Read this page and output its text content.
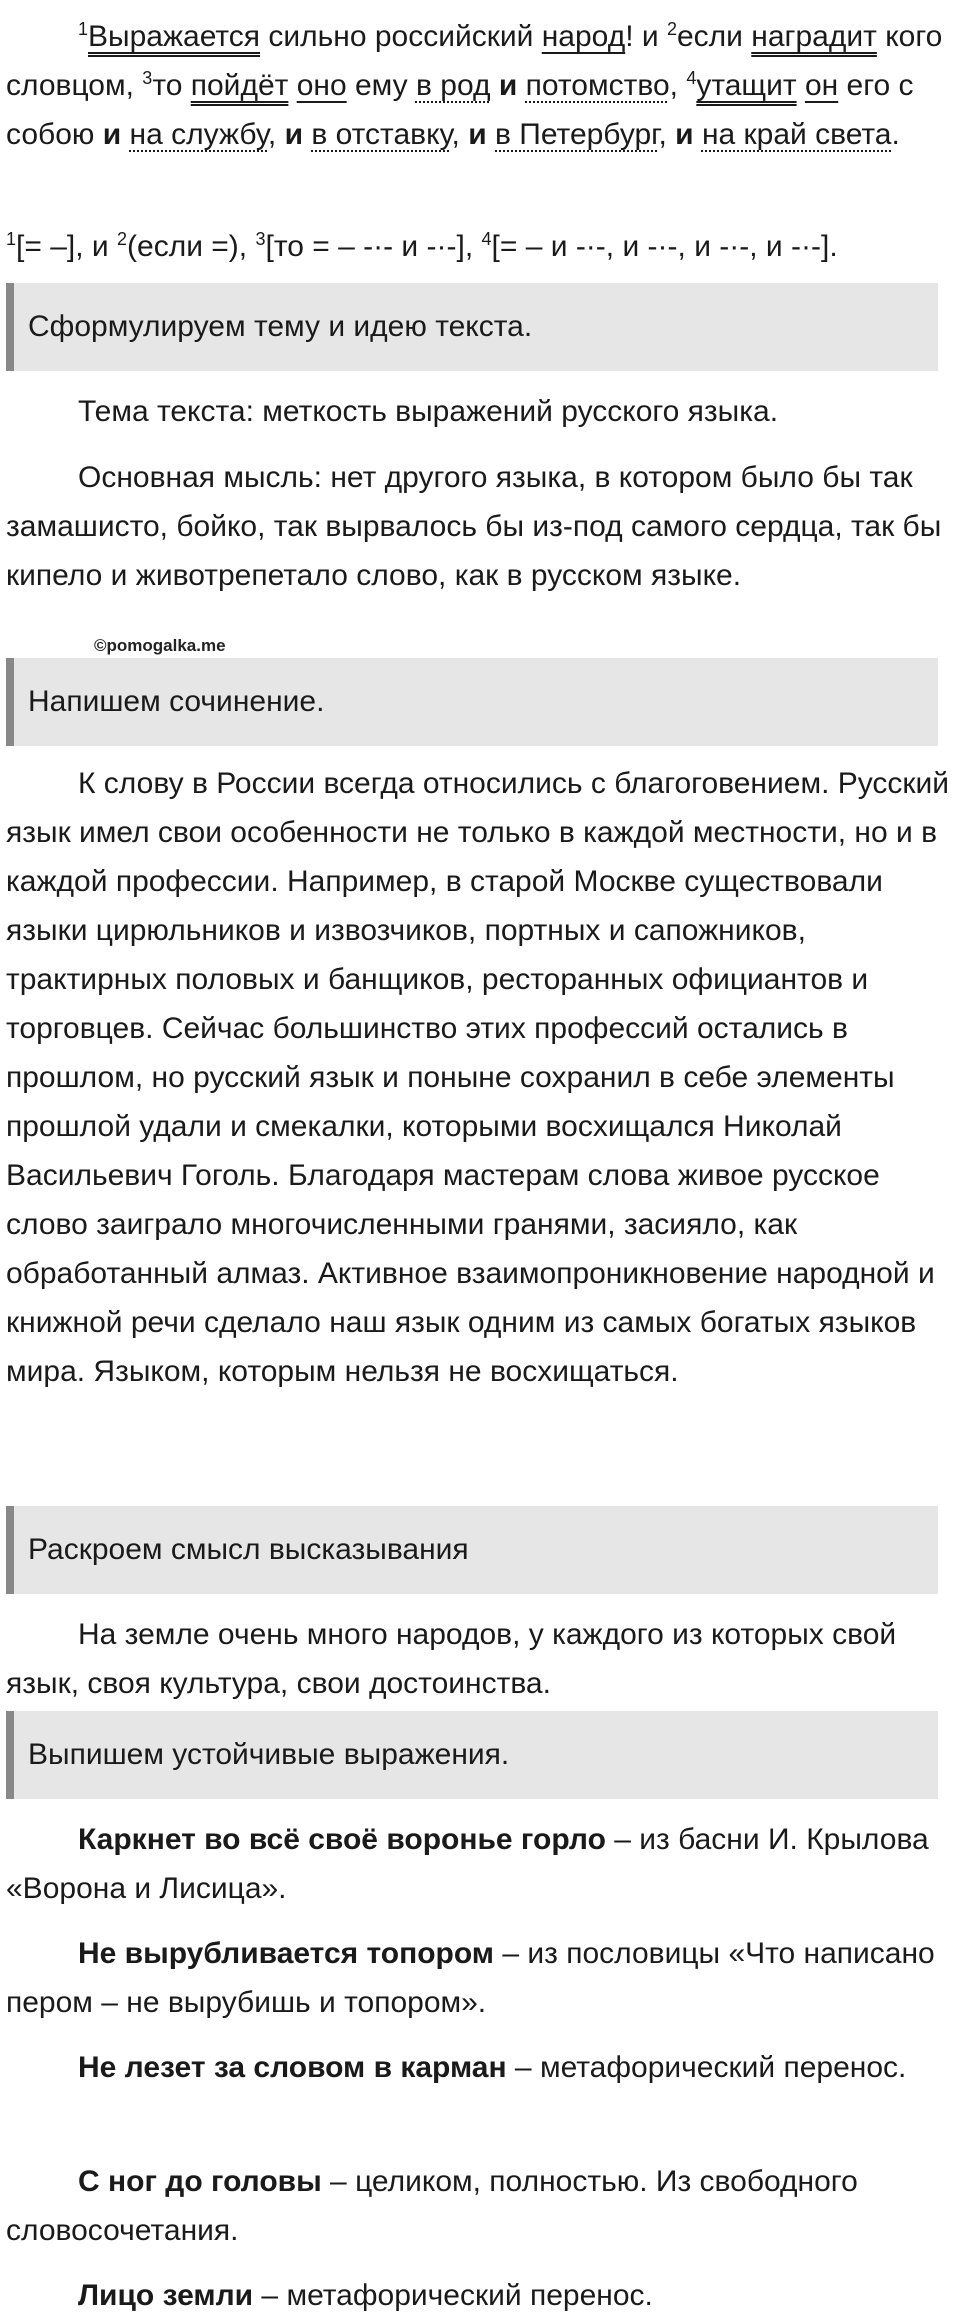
$^1$Выражается сильно российский народ! и $^2$если наградит кого словцом, $^3$то пойдёт оно ему в род и потомство, $^4$утащит он его с собою и на службу, и в отставку, и в Петербург, и на край света.

$^1$[= –], и $^2$(если =), $^3$[то = – -·- и -·-], $^4$[= – и -·-, и -·-, и -·-, и -·-].

Сформулируем тему и идею текста.

Тема текста: меткость выражений русского языка.

Основная мысль: нет другого языка, в котором было бы так замашисто, бойко, так вырвалось бы из-под самого сердца, так бы кипело и животрепетало слово, как в русском языке.

©pomogalka.me
Напишем сочинение.

К слову в России всегда относились с благоговением. Русский язык имел свои особенности не только в каждой местности, но и в каждой профессии. Например, в старой Москве существовали языки цирюльников и извозчиков, портных и сапожников, трактирных половых и банщиков, ресторанных официантов и торговцев. Сейчас большинство этих профессий остались в прошлом, но русский язык и поныне сохранил в себе элементы прошлой удали и смекалки, которыми восхищался Николай Васильевич Гоголь. Благодаря мастерам слова живое русское слово заиграло многочисленными гранями, засияло, как обработанный алмаз. Активное взаимопроникновение народной и книжной речи сделало наш язык одним из самых богатых языков мира. Языком, которым нельзя не восхищаться.

Раскроем смысл высказывания

На земле очень много народов, у каждого из которых свой язык, своя культура, свои достоинства.

Выпишем устойчивые выражения.

Каркнет во всё своё воронье горло – из басни И. Крылова «Ворона и Лисица».

Не вырубливается топором – из пословицы «Что написано пером – не вырубишь и топором».

Не лезет за словом в карман – метафорический перенос.

С ног до головы – целиком, полностью. Из свободного словосочетания.

Лицо земли – метафорический перенос.
